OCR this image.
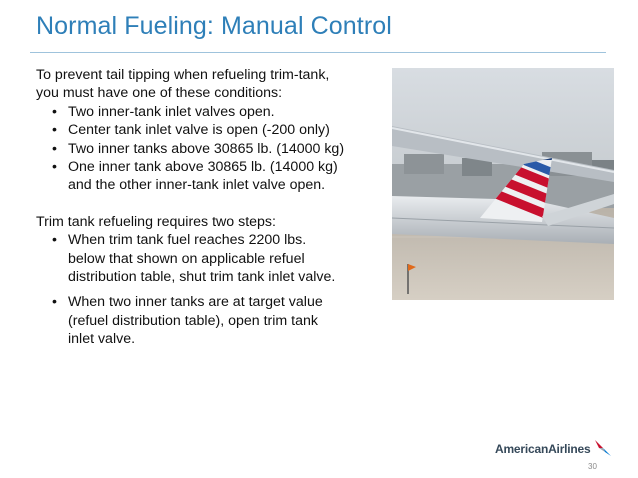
Normal Fueling: Manual Control

To prevent tail tipping when refueling trim-tank,

you must have one of these conditions:

• Two inner-tank inlet valves open.
• Center tank inlet valve is open (-200 only)
• Two inner tanks above 30865 lb. (14000 kg)
• One inner tank above 30865 lb. (14000 kg)
and the other inner-tank inlet valve open.

Trim tank refueling requires two steps:

• When trim tank fuel reaches 2200 lbs.
below that shown on applicable refuel
distribution table, shut trim tank inlet valve.
• When two inner tanks are at target value
(refuel distribution table), open trim tank
inlet valve.
AmericanAirlines
30
